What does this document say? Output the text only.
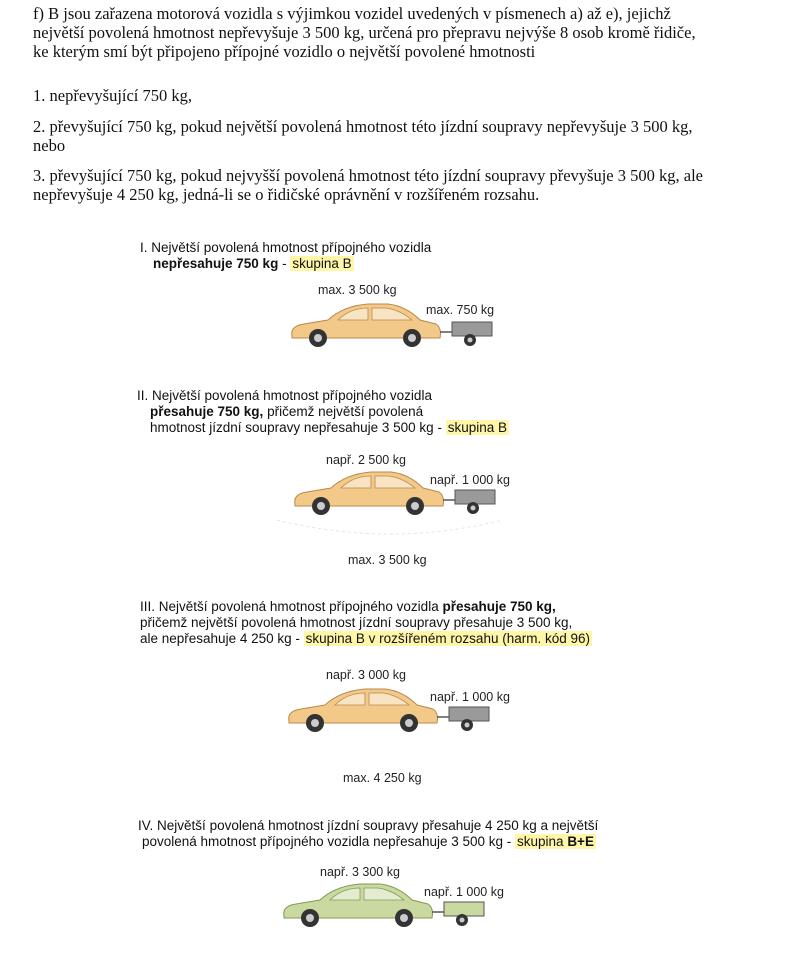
f) B jsou zařazena motorová vozidla s výjimkou vozidel uvedených v písmenech a) až e), jejichž
největší povolená hmotnost nepřevyšuje 3 500 kg, určená pro přepravu nejvýše 8 osob kromě řidiče,
ke kterým smí být připojeno přípojné vozidlo o největší povolené hmotnosti
1. nepřevyšující 750 kg,
2. převyšující 750 kg, pokud největší povolená hmotnost této jízdní soupravy nepřevyšuje 3 500 kg,
nebo
3. převyšující 750 kg, pokud nejvyšší povolená hmotnost této jízdní soupravy převyšuje 3 500 kg, ale
nepřevyšuje 4 250 kg, jedná-li se o řidičské oprávnění v rozšířeném rozsahu.
I. Největší povolená hmotnost přípojného vozidla
nepřesahuje 750 kg - skupina B
max. 3 500 kg
max. 750 kg
II. Největší povolená hmotnost přípojného vozidla
přesahuje 750 kg, přičemž největší povolená
hmotnost jízdní soupravy nepřesahuje 3 500 kg - skupina B
např. 2 500 kg
např. 1 000 kg
max. 3 500 kg
III. Největší povolená hmotnost přípojného vozidla přesahuje 750 kg,
přičemž největší povolená hmotnost jízdní soupravy přesahuje 3 500 kg,
ale nepřesahuje 4 250 kg - skupina B v rozšířeném rozsahu (harm. kód 96)
např. 3 000 kg
např. 1 000 kg
max. 4 250 kg
IV. Největší povolená hmotnost jízdní soupravy přesahuje 4 250 kg a největší
povolená hmotnost přípojného vozidla nepřesahuje 3 500 kg - skupina B+E
např. 3 300 kg
např. 1 000 kg
